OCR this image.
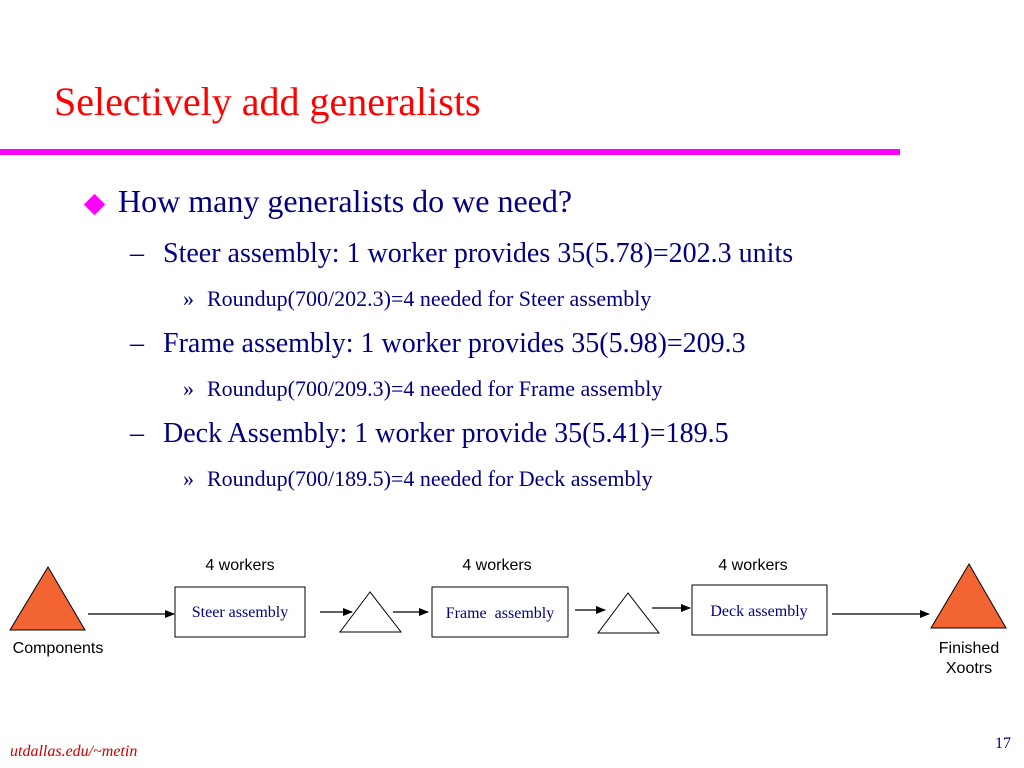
Selectively add generalists
How many generalists do we need?
– Steer assembly: 1 worker provides 35(5.78)=202.3 units
» Roundup(700/202.3)=4 needed for Steer assembly
– Frame assembly: 1 worker provides 35(5.98)=209.3
» Roundup(700/209.3)=4 needed for Frame assembly
– Deck Assembly: 1 worker provide 35(5.41)=189.5
» Roundup(700/189.5)=4 needed for Deck assembly
Components
4 workers
Steer assembly
4 workers
Frame  assembly
4 workers
Deck assembly
Finished
Xootrs
utdallas.edu/~metin	17
